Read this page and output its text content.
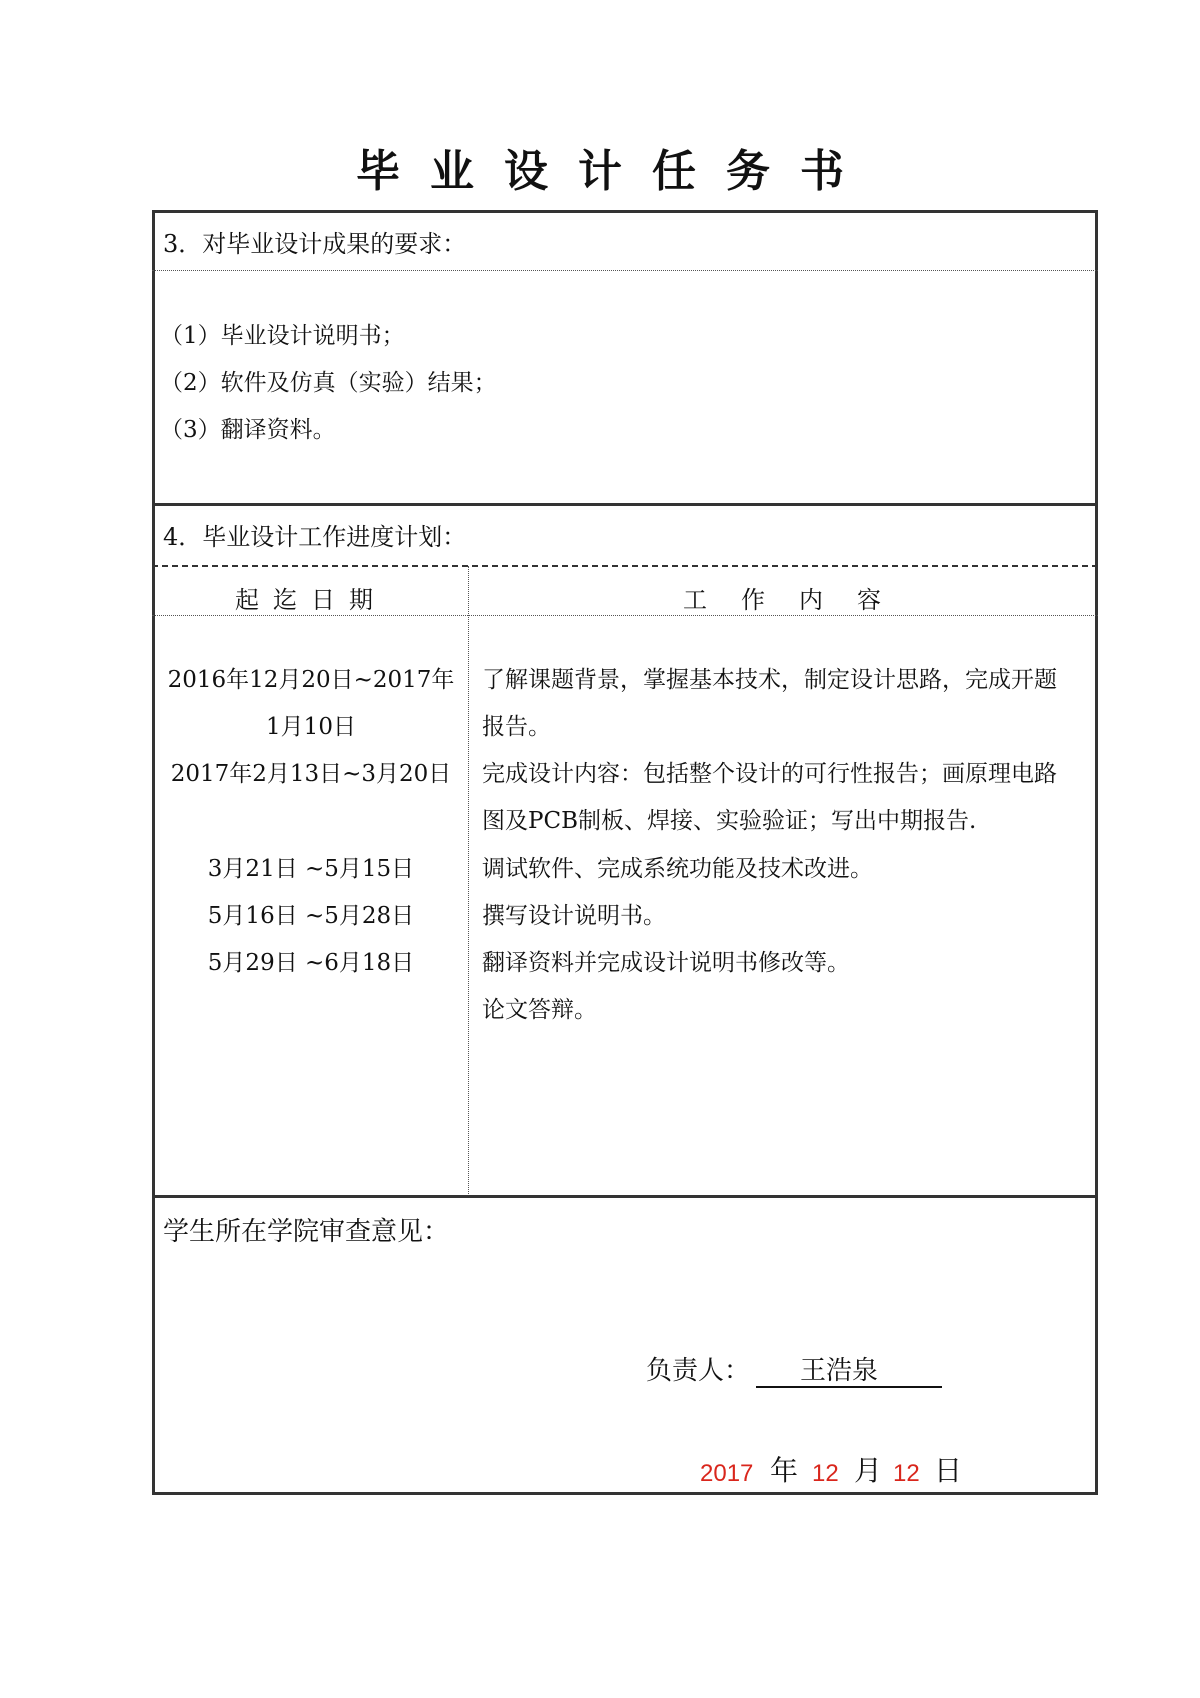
毕业设计任务书
3．对毕业设计成果的要求：
（1）毕业设计说明书；
（2）软件及仿真（实验）结果；
（3）翻译资料。
4．毕业设计工作进度计划：
起迄日期	工作内容
2016年12月20日~2017年
1月10日
2017年2月13日~3月20日
3月21日 ~5月15日
5月16日 ~5月28日
5月29日 ~6月18日
了解课题背景，掌握基本技术，制定设计思路，完成开题
报告。
完成设计内容：包括整个设计的可行性报告；画原理电路
图及PCB制板、焊接、实验验证；写出中期报告.
调试软件、完成系统功能及技术改进。
撰写设计说明书。
翻译资料并完成设计说明书修改等。
论文答辩。
学生所在学院审查意见：
负责人： 王浩泉
2017 年 12 月 12 日
